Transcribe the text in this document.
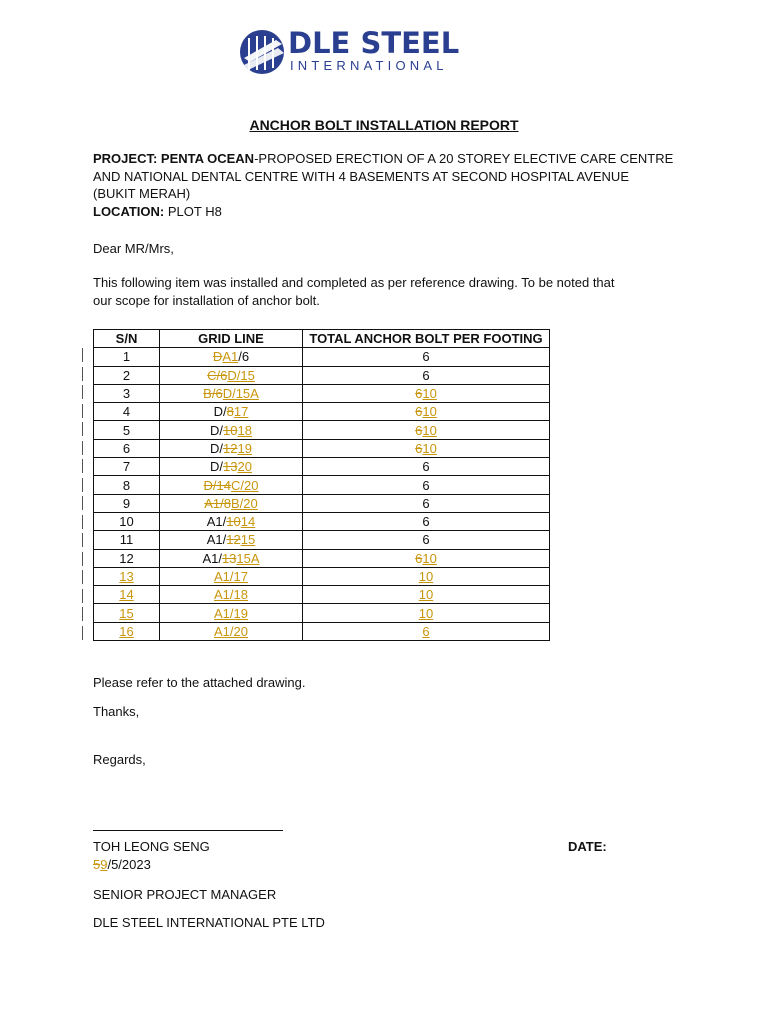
DLE STEEL
INTERNATIONAL
ANCHOR BOLT INSTALLATION REPORT
PROJECT: PENTA OCEAN-PROPOSED ERECTION OF A 20 STOREY ELECTIVE CARE CENTRE
AND NATIONAL DENTAL CENTRE WITH 4 BASEMENTS AT SECOND HOSPITAL AVENUE
(BUKIT MERAH)
LOCATION: PLOT H8
Dear MR/Mrs,
This following item was installed and completed as per reference drawing. To be noted that
our scope for installation of anchor bolt.
S/N	GRID LINE	TOTAL ANCHOR BOLT PER FOOTING
1	DA1/6	6
2	C/6D/15	6
3	B/6D/15A	610
4	D/817	610
5	D/1018	610
6	D/1219	610
7	D/1320	6
8	D/14C/20	6
9	A1/8B/20	6
10	A1/1014	6
11	A1/1215	6
12	A1/1315A	610
13	A1/17	10
14	A1/18	10
15	A1/19	10
16	A1/20	6
Please refer to the attached drawing.
Thanks,
Regards,
TOH LEONG SENG	DATE:
59/5/2023
SENIOR PROJECT MANAGER
DLE STEEL INTERNATIONAL PTE LTD
